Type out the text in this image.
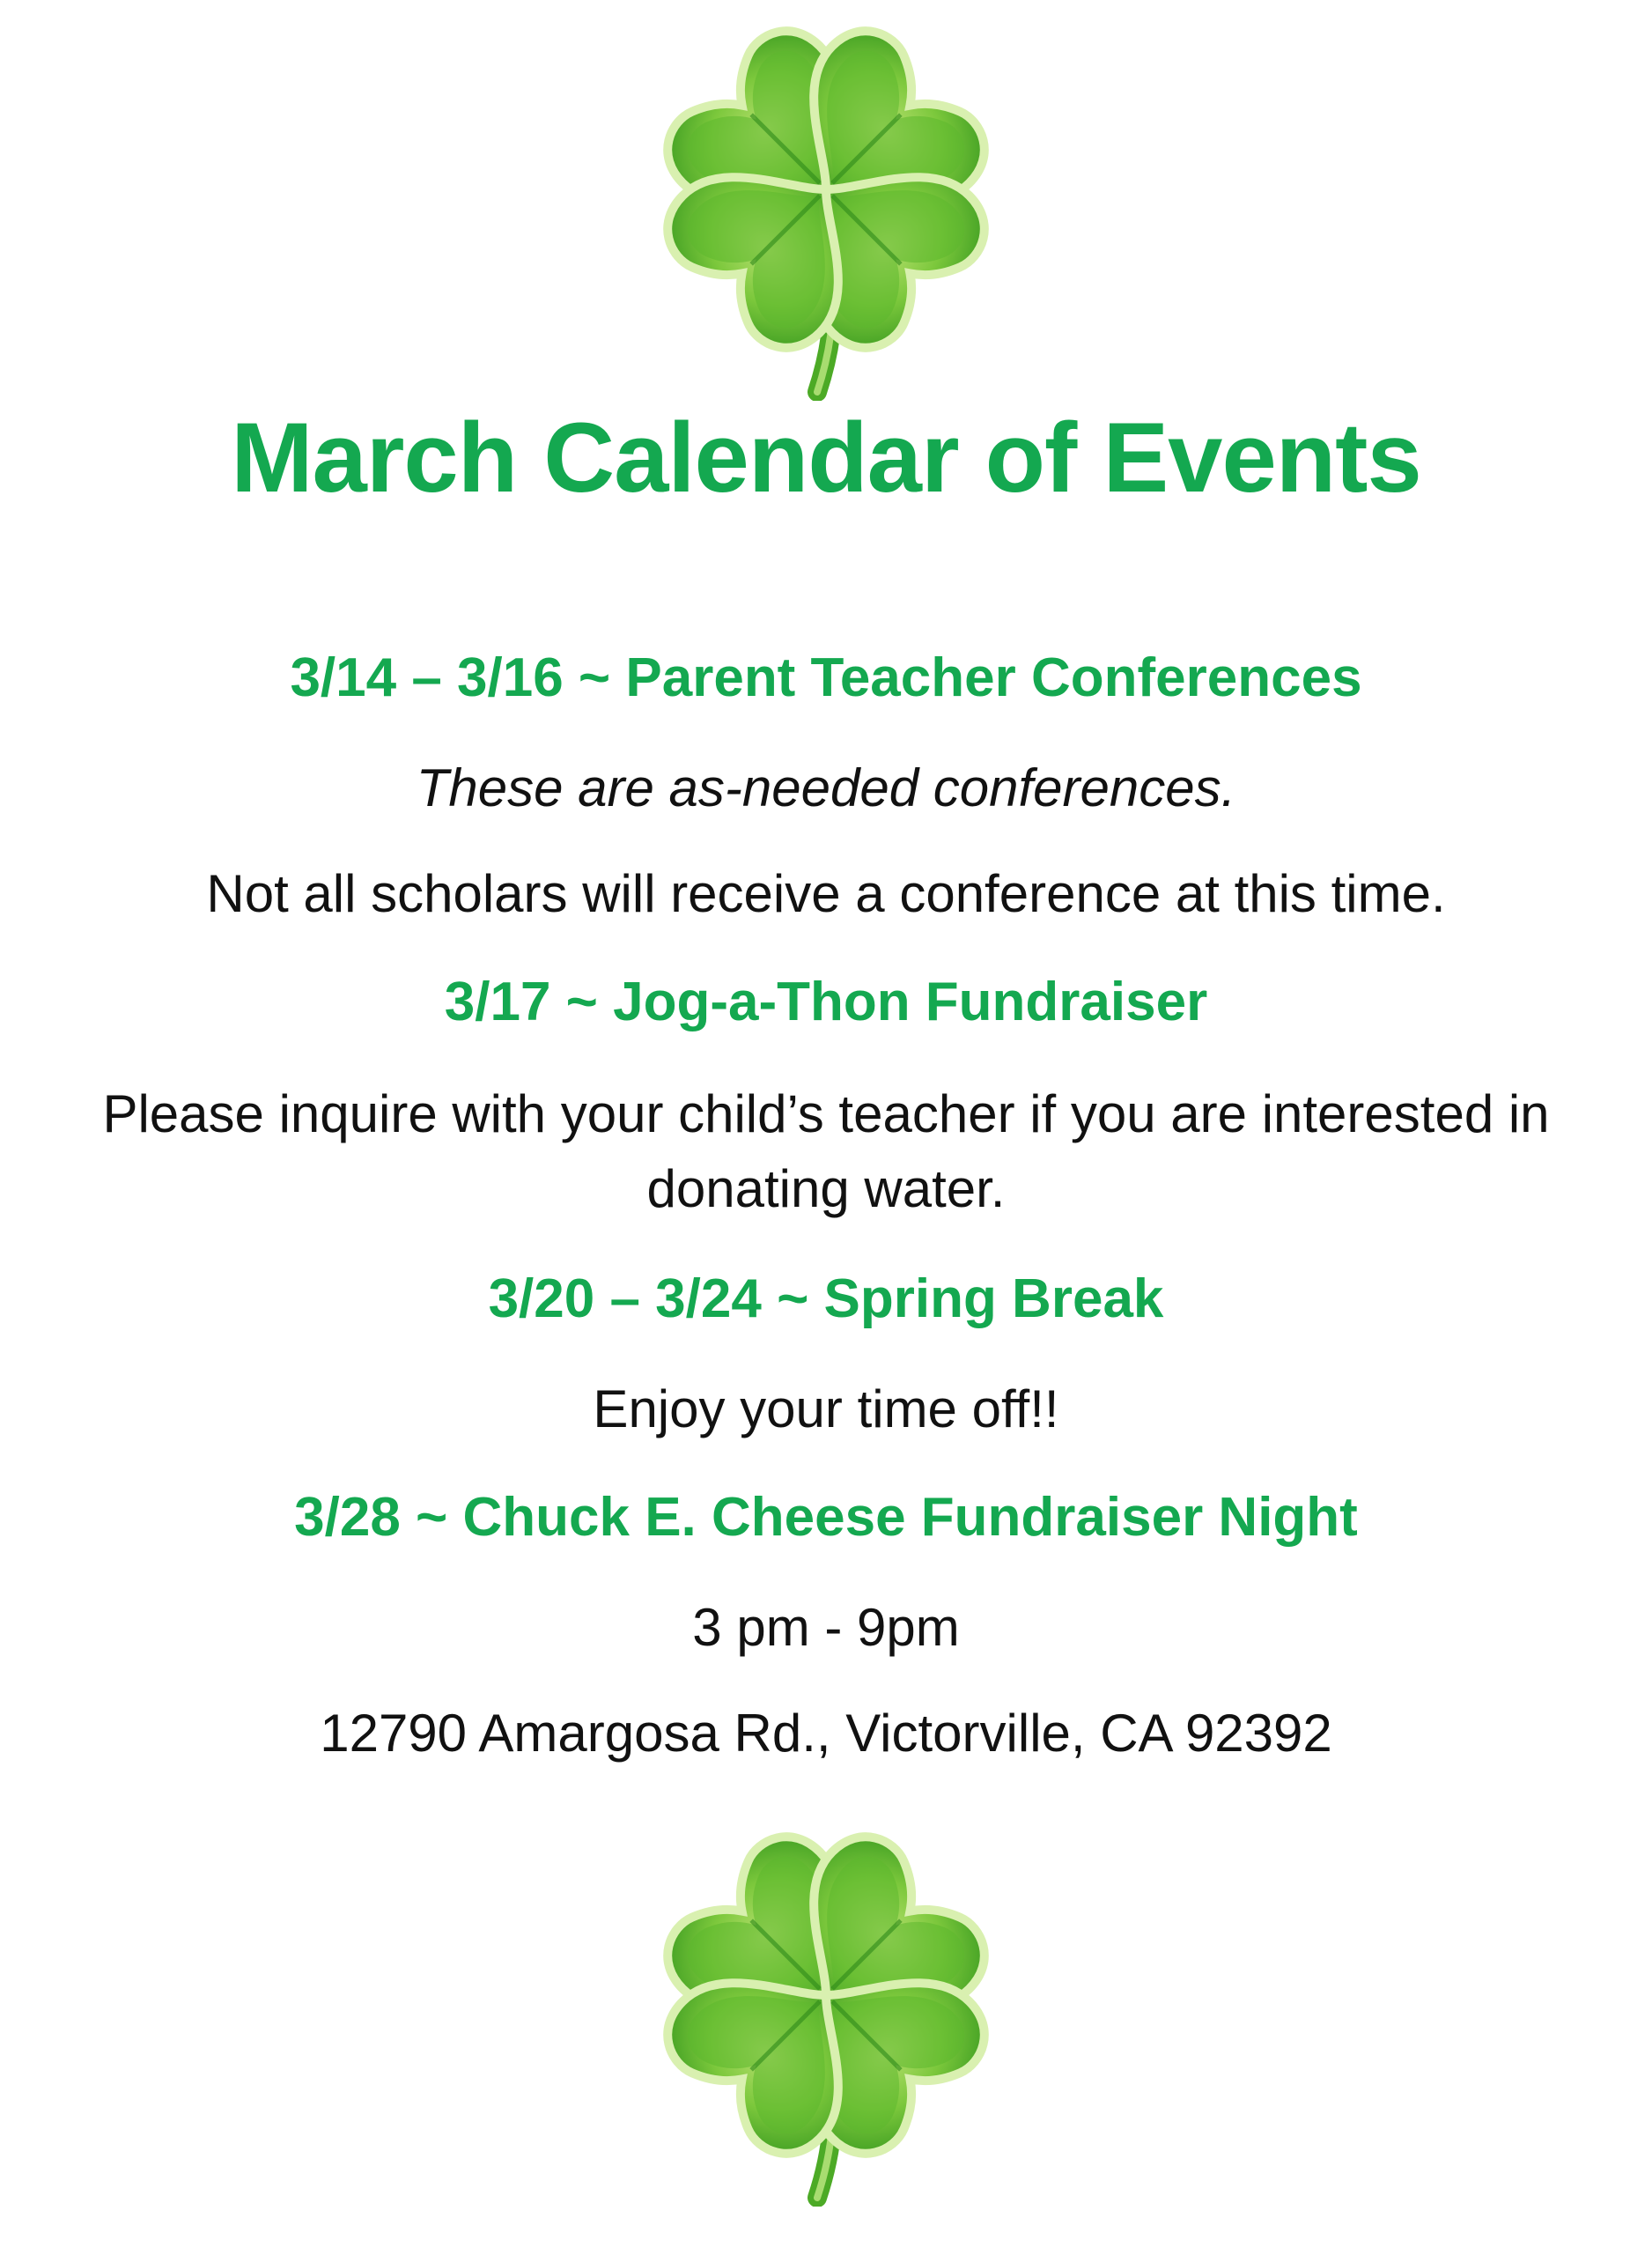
March Calendar of Events
3/14 – 3/16 ~ Parent Teacher Conferences
These are as-needed conferences.
Not all scholars will receive a conference at this time.
3/17 ~ Jog-a-Thon Fundraiser
Please inquire with your child’s teacher if you are interested in
donating water.
3/20 – 3/24 ~ Spring Break
Enjoy your time off!!
3/28 ~ Chuck E. Cheese Fundraiser Night
3 pm - 9pm
12790 Amargosa Rd., Victorville, CA 92392
